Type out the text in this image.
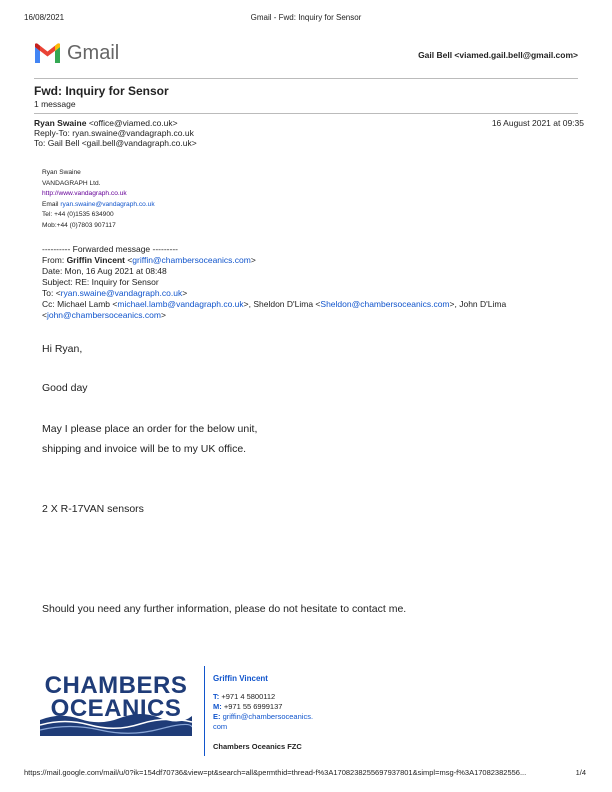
16/08/2021	Gmail - Fwd: Inquiry for Sensor
Gmail	Gail Bell <viamed.gail.bell@gmail.com>
Fwd: Inquiry for Sensor
1 message
Ryan Swaine <office@viamed.co.uk>	16 August 2021 at 09:35
Reply-To: ryan.swaine@vandagraph.co.uk
To: Gail Bell <gail.bell@vandagraph.co.uk>
Ryan Swaine
VANDAGRAPH Ltd.
http://www.vandagraph.co.uk
Email ryan.swaine@vandagraph.co.uk
Tel: +44 (0)1535 634900
Mob:+44 (0)7803 907117
---------- Forwarded message ---------
From: Griffin Vincent <griffin@chambersoceanics.com>
Date: Mon, 16 Aug 2021 at 08:48
Subject: RE: Inquiry for Sensor
To: <ryan.swaine@vandagraph.co.uk>
Cc: Michael Lamb <michael.lamb@vandagraph.co.uk>, Sheldon D'Lima <Sheldon@chambersoceanics.com>, John D'Lima
<john@chambersoceanics.com>
Hi Ryan,
Good day
May I please place an order for the below unit,
shipping and invoice will be to my UK office.
2 X R-17VAN sensors
Should you need any further information, please do not hesitate to contact me.
CHAMBERS
OCEANICS
Griffin Vincent
T: +971 4 5800112
M: +971 55 6999137
E: griffin@chambersoceanics.
com
Chambers Oceanics FZC
https://mail.google.com/mail/u/0?ik=154df70736&view=pt&search=all&permthid=thread-f%3A1708238255697937801&simpl=msg-f%3A17082382556...	1/4
